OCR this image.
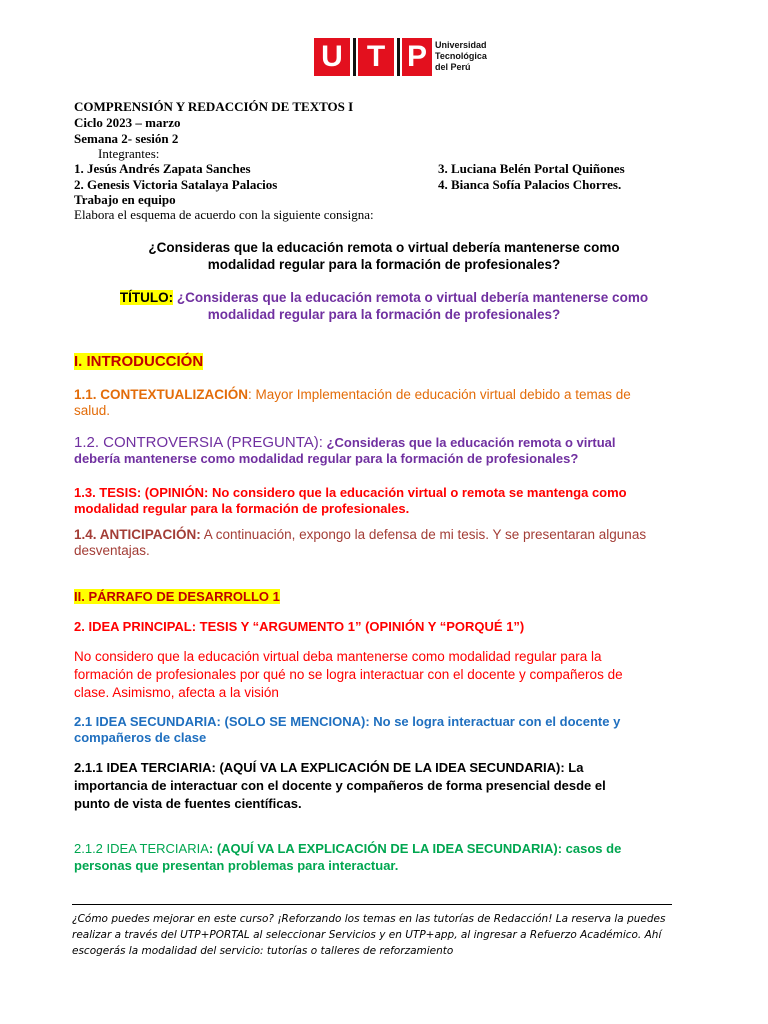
U T P Universidad
Tecnológica
del Perú
COMPRENSIÓN Y REDACCIÓN DE TEXTOS I
Ciclo 2023 – marzo
Semana 2- sesión 2
Integrantes:
1. Jesús Andrés Zapata Sanches
2. Genesis Victoria Satalaya Palacios
3. Luciana Belén Portal Quiñones
4. Bianca Sofía Palacios Chorres.
Trabajo en equipo
Elabora el esquema de acuerdo con la siguiente consigna:
¿Consideras que la educación remota o virtual debería mantenerse como
modalidad regular para la formación de profesionales?
TÍTULO: ¿Consideras que la educación remota o virtual debería mantenerse como
modalidad regular para la formación de profesionales?
I. INTRODUCCIÓN
1.1. CONTEXTUALIZACIÓN: Mayor Implementación de educación virtual debido a temas de
salud.
1.2. CONTROVERSIA (PREGUNTA): ¿Consideras que la educación remota o virtual
debería mantenerse como modalidad regular para la formación de profesionales?
1.3. TESIS: (OPINIÓN: No considero que la educación virtual o remota se mantenga como
modalidad regular para la formación de profesionales.
1.4. ANTICIPACIÓN: A continuación, expongo la defensa de mi tesis. Y se presentaran algunas
desventajas.
II. PÁRRAFO DE DESARROLLO 1
2. IDEA PRINCIPAL: TESIS Y “ARGUMENTO 1” (OPINIÓN Y “PORQUÉ 1”)
No considero que la educación virtual deba mantenerse como modalidad regular para la
formación de profesionales por qué no se logra interactuar con el docente y compañeros de
clase. Asimismo, afecta a la visión
2.1 IDEA SECUNDARIA: (SOLO SE MENCIONA): No se logra interactuar con el docente y
compañeros de clase
2.1.1 IDEA TERCIARIA: (AQUÍ VA LA EXPLICACIÓN DE LA IDEA SECUNDARIA): La
importancia de interactuar con el docente y compañeros de forma presencial desde el
punto de vista de fuentes científicas.
2.1.2 IDEA TERCIARIA: (AQUÍ VA LA EXPLICACIÓN DE LA IDEA SECUNDARIA): casos de
personas que presentan problemas para interactuar.
¿Cómo puedes mejorar en este curso? ¡Reforzando los temas en las tutorías de Redacción! La reserva la puedes
realizar a través del UTP+PORTAL al seleccionar Servicios y en UTP+app, al ingresar a Refuerzo Académico. Ahí
escogerás la modalidad del servicio: tutorías o talleres de reforzamiento
